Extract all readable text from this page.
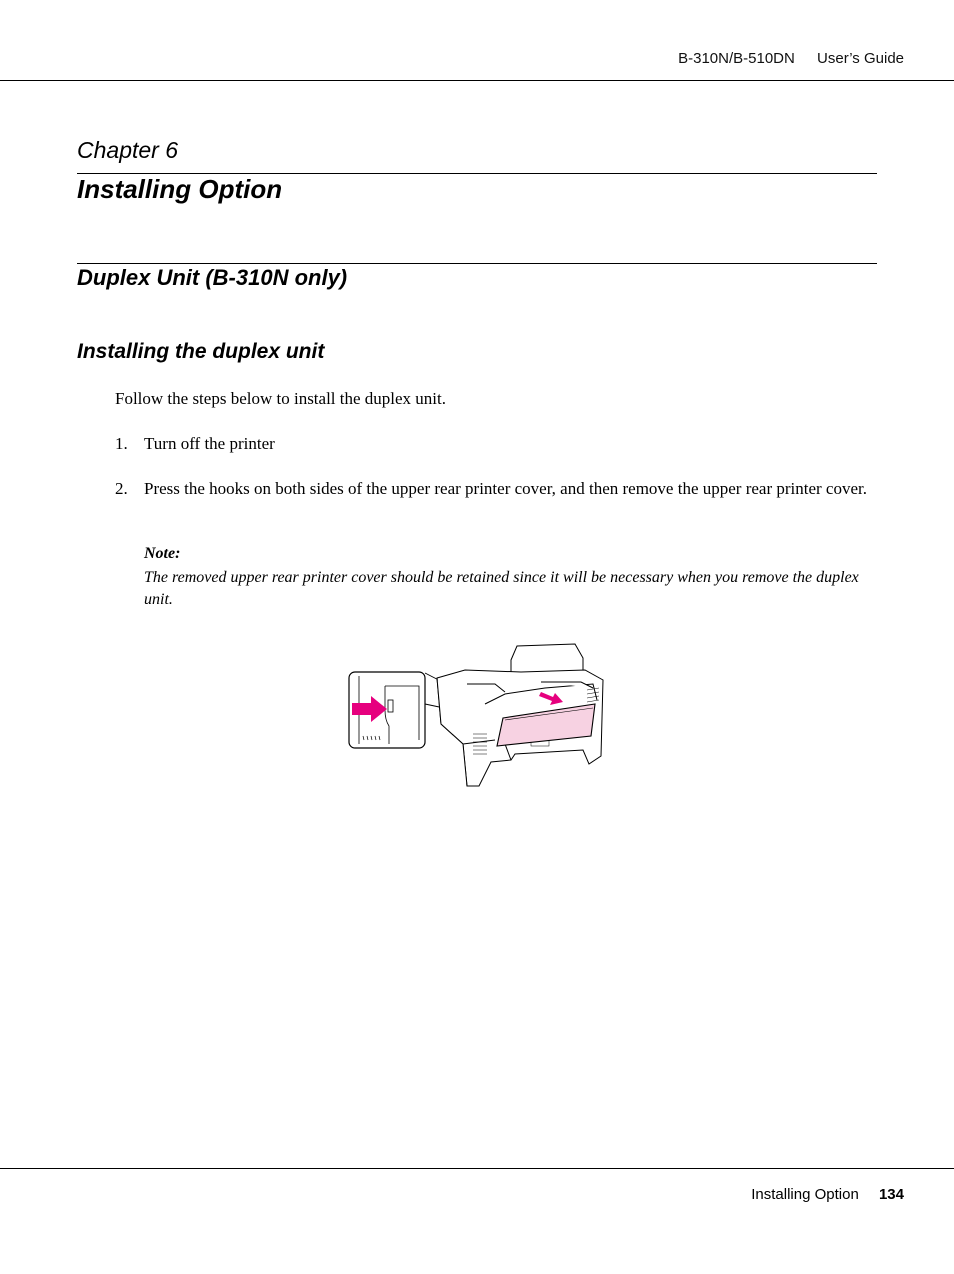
B-310N/B-510DN User’s Guide
Chapter 6
Installing Option
Duplex Unit (B-310N only)
Installing the duplex unit
Follow the steps below to install the duplex unit.
1. Turn off the printer
2. Press the hooks on both sides of the upper rear printer cover, and then remove the upper rear printer cover.
Note:
The removed upper rear printer cover should be retained since it will be necessary when you remove the duplex unit.
Installing Option 134
